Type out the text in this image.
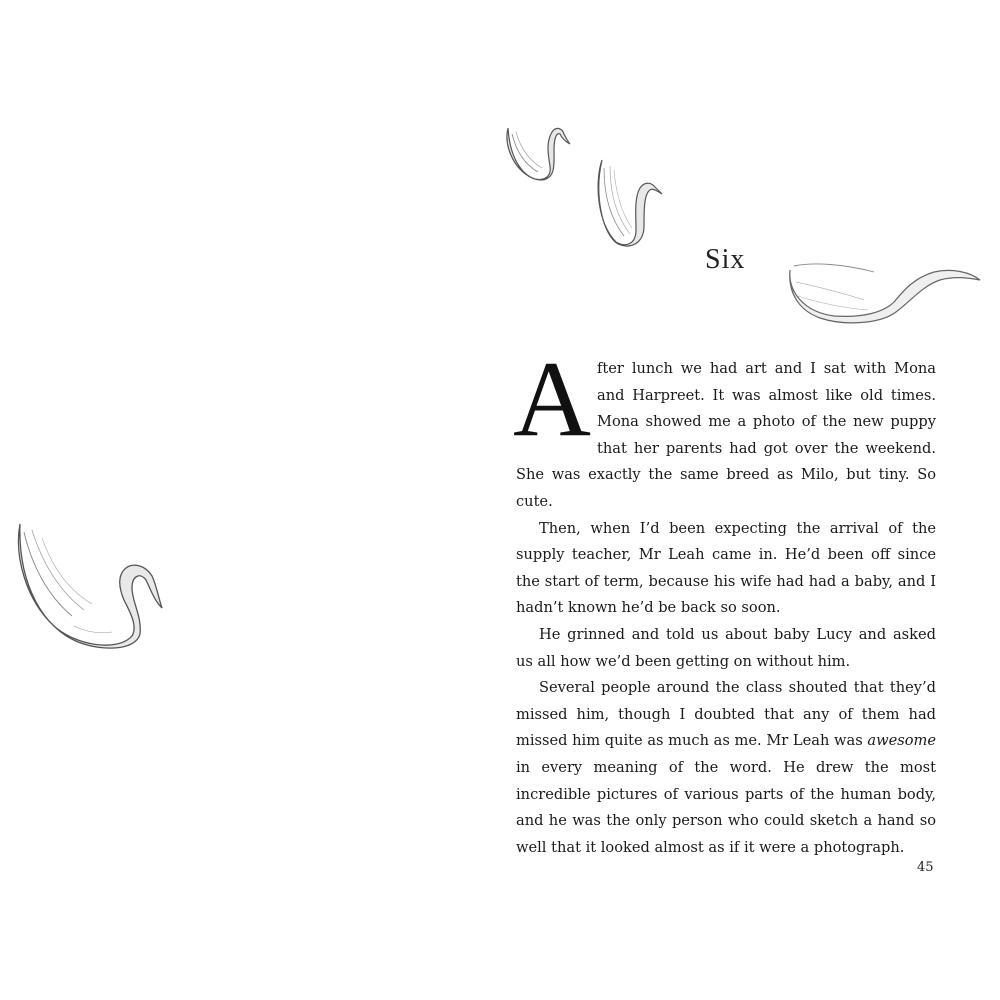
Six

After lunch we had art and I sat with Mona and Harpreet. It was almost like old times. Mona showed me a photo of the new puppy that her parents had got over the weekend. She was exactly the same breed as Milo, but tiny. So cute.

Then, when I’d been expecting the arrival of the supply teacher, Mr Leah came in. He’d been off since the start of term, because his wife had had a baby, and I hadn’t known he’d be back so soon.

He grinned and told us about baby Lucy and asked us all how we’d been getting on without him.

Several people around the class shouted that they’d missed him, though I doubted that any of them had missed him quite as much as me. Mr Leah was awesome in every meaning of the word. He drew the most incredible pictures of various parts of the human body, and he was the only person who could sketch a hand so well that it looked almost as if it were a photograph.

45
